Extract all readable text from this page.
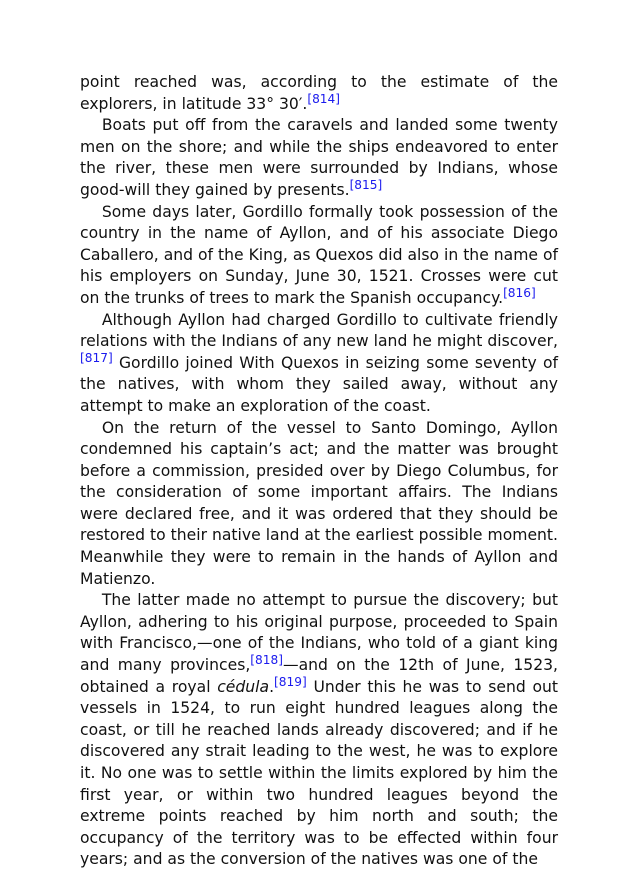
point reached was, according to the estimate of the explorers, in latitude 33° 30′.[814]

Boats put off from the caravels and landed some twenty men on the shore; and while the ships endeavored to enter the river, these men were surrounded by Indians, whose good-will they gained by presents.[815]

Some days later, Gordillo formally took possession of the country in the name of Ayllon, and of his associate Diego Caballero, and of the King, as Quexos did also in the name of his employers on Sunday, June 30, 1521. Crosses were cut on the trunks of trees to mark the Spanish occupancy.[816]

Although Ayllon had charged Gordillo to cultivate friendly relations with the Indians of any new land he might discover,[817] Gordillo joined With Quexos in seizing some seventy of the natives, with whom they sailed away, without any attempt to make an exploration of the coast.

On the return of the vessel to Santo Domingo, Ayllon condemned his captain’s act; and the matter was brought before a commission, presided over by Diego Columbus, for the consideration of some important affairs. The Indians were declared free, and it was ordered that they should be restored to their native land at the earliest possible moment. Meanwhile they were to remain in the hands of Ayllon and Matienzo.

The latter made no attempt to pursue the discovery; but Ayllon, adhering to his original purpose, proceeded to Spain with Francisco,—one of the Indians, who told of a giant king and many provinces,[818]—and on the 12th of June, 1523, obtained a royal cédula.[819] Under this he was to send out vessels in 1524, to run eight hundred leagues along the coast, or till he reached lands already discovered; and if he discovered any strait leading to the west, he was to explore it. No one was to settle within the limits explored by him the first year, or within two hundred leagues beyond the extreme points reached by him north and south; the occupancy of the territory was to be effected within four years; and as the conversion of the natives was one of the
